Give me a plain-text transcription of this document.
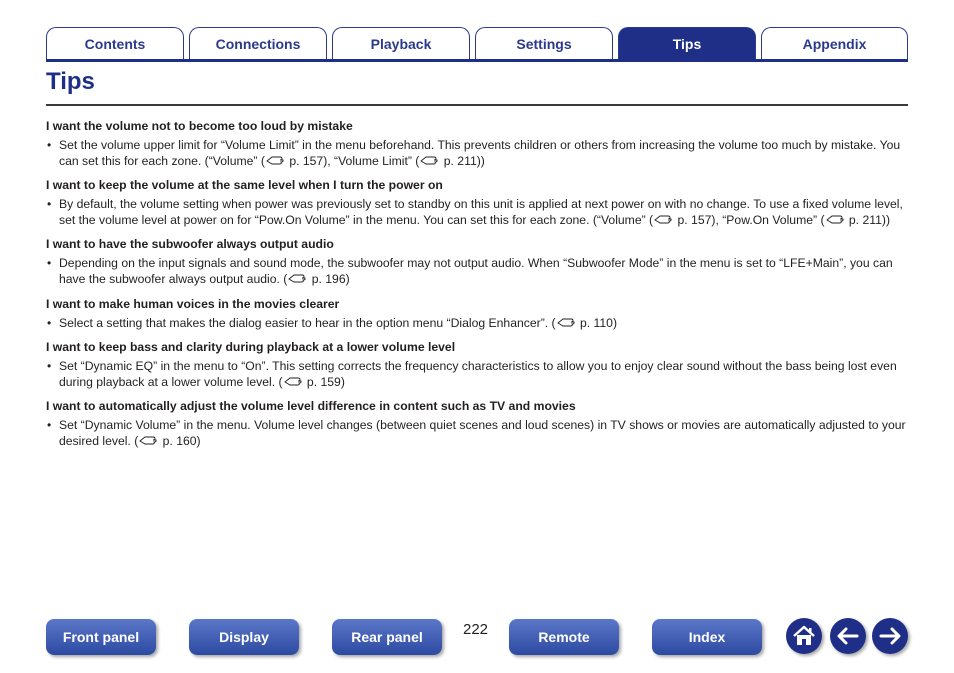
Contents	Connections	Playback	Settings	Tips	Appendix
Tips
I want the volume not to become too loud by mistake

• Set the volume upper limit for “Volume Limit” in the menu beforehand. This prevents children or others from increasing the volume too much by mistake. You can set this for each zone. (“Volume” ( p. 157), “Volume Limit” ( p. 211))

I want to keep the volume at the same level when I turn the power on

• By default, the volume setting when power was previously set to standby on this unit is applied at next power on with no change. To use a fixed volume level, set the volume level at power on for “Pow.On Volume” in the menu. You can set this for each zone. (“Volume” ( p. 157), “Pow.On Volume” ( p. 211))

I want to have the subwoofer always output audio

• Depending on the input signals and sound mode, the subwoofer may not output audio. When “Subwoofer Mode” in the menu is set to “LFE+Main”, you can have the subwoofer always output audio. ( p. 196)

I want to make human voices in the movies clearer

• Select a setting that makes the dialog easier to hear in the option menu “Dialog Enhancer”. ( p. 110)

I want to keep bass and clarity during playback at a lower volume level

• Set “Dynamic EQ” in the menu to “On”. This setting corrects the frequency characteristics to allow you to enjoy clear sound without the bass being lost even during playback at a lower volume level. ( p. 159)

I want to automatically adjust the volume level difference in content such as TV and movies

• Set “Dynamic Volume” in the menu. Volume level changes (between quiet scenes and loud scenes) in TV shows or movies are automatically adjusted to your desired level. ( p. 160)

Front panel	Display	Rear panel	222	Remote	Index
